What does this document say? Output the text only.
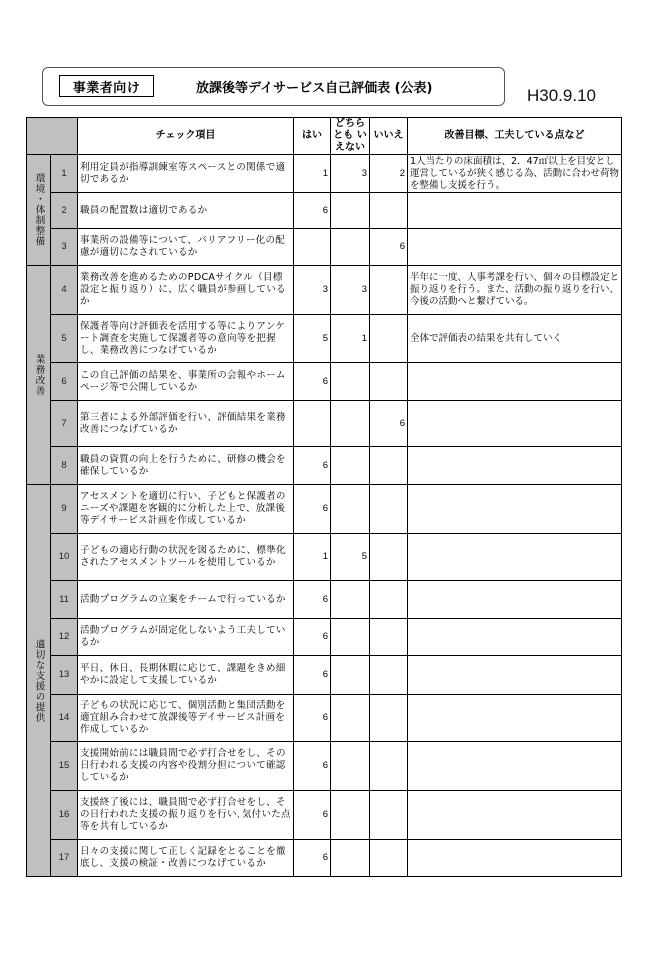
事業者向け	放課後等デイサービス自己評価表 (公表)	H30.9.10
		チェック項目	はい	どちらとも いえない	いいえ	改善目標、工夫している点など
環境・体制整備	1	利用定員が指導訓練室等スペースとの関係で適切であるか	1	3	2	1人当たりの床面積は、2．47㎡以上を目安とし運営しているが狭く感じる為、活動に合わせ荷物を整備し支援を行う。
	2	職員の配置数は適切であるか	6			
	3	事業所の設備等について、バリアフリー化の配慮が適切になされているか			6	
業務改善	4	業務改善を進めるためのPDCAサイクル（目標設定と振り返り）に、広く職員が参画しているか	3	3		半年に一度、人事考課を行い、個々の目標設定と振り返りを行う。また、活動の振り返りを行い、今後の活動へと繋げている。
	5	保護者等向け評価表を活用する等によりアンケート調査を実施して保護者等の意向等を把握し、業務改善につなげているか	5	1		全体で評価表の結果を共有していく
	6	この自己評価の結果を、事業所の会報やホームページ等で公開しているか	6			
	7	第三者による外部評価を行い、評価結果を業務改善につなげているか			6	
	8	職員の資質の向上を行うために、研修の機会を確保しているか	6			
適切な支援の提供	9	アセスメントを適切に行い、子どもと保護者のニーズや課題を客観的に分析した上で、放課後等デイサービス計画を作成しているか	6			
	10	子どもの適応行動の状況を図るために、標準化されたアセスメントツールを使用しているか	1	5		
	11	活動プログラムの立案をチームで行っているか	6			
	12	活動プログラムが固定化しないよう工夫しているか	6			
	13	平日、休日、長期休暇に応じて、課題をきめ細やかに設定して支援しているか	6			
	14	子どもの状況に応じて、個別活動と集団活動を適宜組み合わせて放課後等デイサービス計画を作成しているか	6			
	15	支援開始前には職員間で必ず打合せをし、その日行われる支援の内容や役割分担について確認しているか	6			
	16	支援終了後には、職員間で必ず打合せをし、その日行われた支援の振り返りを行い､気付いた点等を共有しているか	6			
	17	日々の支援に関して正しく記録をとることを徹底し、支援の検証・改善につなげているか	6			
